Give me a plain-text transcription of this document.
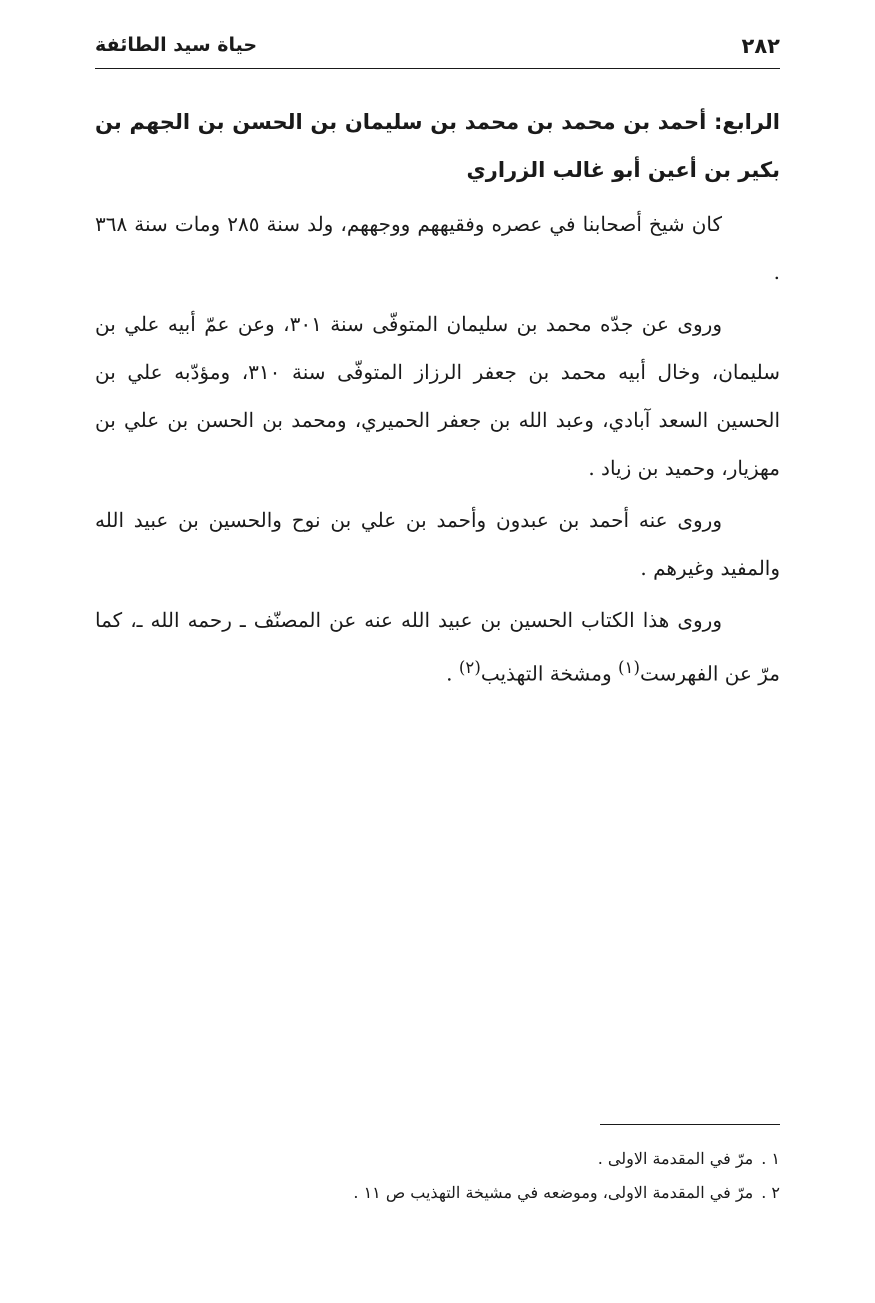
٢٨٢
حياة سيد الطائفة

الرابع: أحمد بن محمد بن محمد بن سليمان بن الحسن بن الجهم بن بكير بن أعين أبو غالب الزراري

كان شيخ أصحابنا في عصره وفقيههم ووجههم، ولد سنة ٢٨٥ ومات سنة ٣٦٨ .

وروى عن جدّه محمد بن سليمان المتوفّى سنة ٣٠١، وعن عمّ أبيه علي بن سليمان، وخال أبيه محمد بن جعفر الرزاز المتوفّى سنة ٣١٠، ومؤدّبه علي بن الحسين السعد آبادي، وعبد الله بن جعفر الحميري، ومحمد بن الحسن بن علي بن مهزيار، وحميد بن زياد .

وروى عنه أحمد بن عبدون وأحمد بن علي بن نوح والحسين بن عبيد الله والمفيد وغيرهم .

وروى هذا الكتاب الحسين بن عبيد الله عنه عن المصنّف ـ رحمه الله ـ، كما مرّ عن الفهرست$^{(١)}$ ومشخة التهذيب$^{(٢)}$ .

١ .مرّ في المقدمة الاولى .

٢ .مرّ في المقدمة الاولى، وموضعه في مشيخة التهذيب ص ١١ .
